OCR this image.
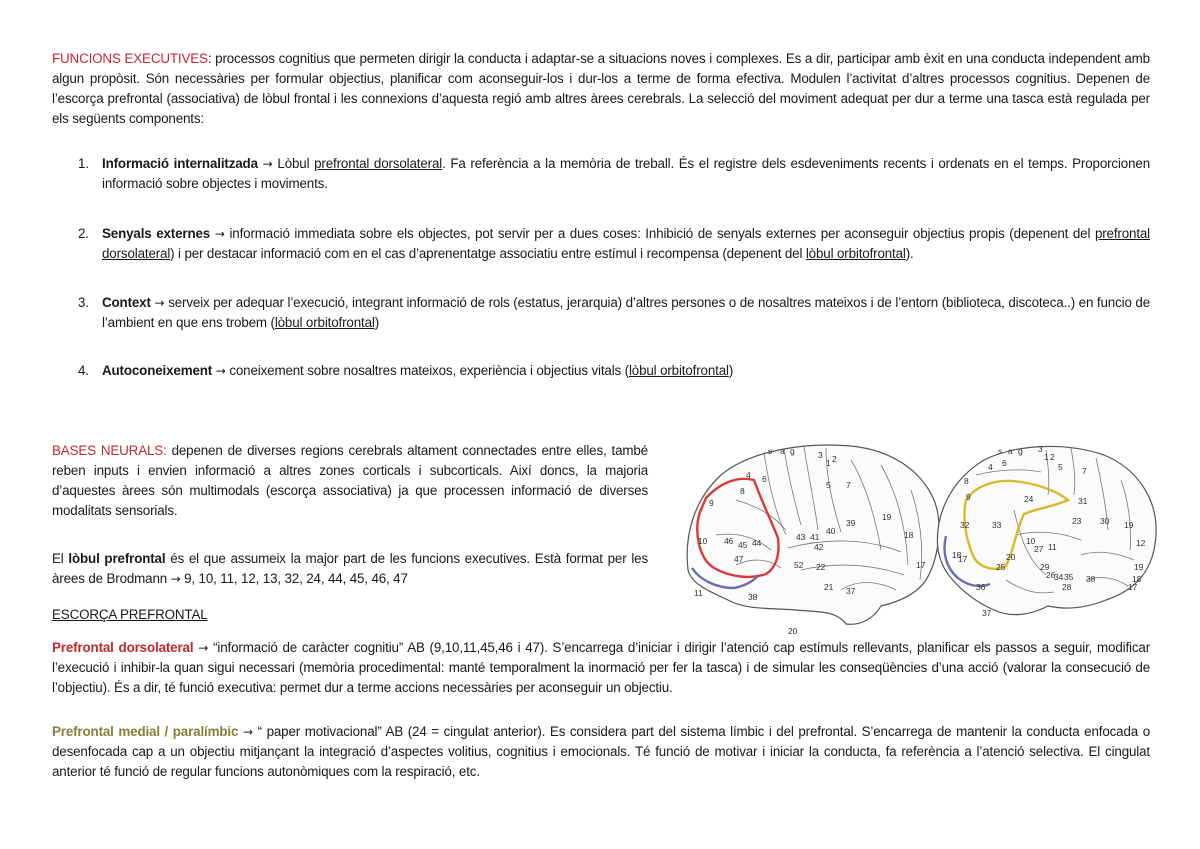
FUNCIONS EXECUTIVES: processos cognitius que permeten dirigir la conducta i adaptar-se a situacions noves i complexes. Es a dir, participar amb èxit en una conducta independent amb algun propòsit. Són necessàries per formular objectius, planificar com aconseguir-los i dur-los a terme de forma efectiva. Modulen l’activitat d’altres processos cognitius. Depenen de l’escorça prefrontal (associativa) de lòbul frontal i les connexions d’aquesta regió amb altres àrees cerebrals. La selecció del moviment adequat per dur a terme una tasca està regulada per els següents components:
1. Informació internalitzada → Lòbul prefrontal dorsolateral. Fa referència a la memòria de treball. És el registre dels esdeveniments recents i ordenats en el temps. Proporcionen informació sobre objectes i moviments.
2. Senyals externes → informació immediata sobre els objectes, pot servir per a dues coses: Inhibició de senyals externes per aconseguir objectius propis (depenent del prefrontal dorsolateral) i per destacar informació com en el cas d’aprenentatge associatiu entre estímul i recompensa (depenent del lòbul orbitofrontal).
3. Context → serveix per adequar l’execució, integrant informació de rols (estatus, jerarquia) d’altres persones o de nosaltres mateixos i de l’entorn (biblioteca, discoteca..) en funcio de l’ambient en que ens trobem (lòbul orbitofrontal)
4. Autoconeixement → coneixement sobre nosaltres mateixos, experiència i objectius vitals (lòbul orbitofrontal)
BASES NEURALS: depenen de diverses regions cerebrals altament connectades entre elles, també reben inputs i envien informació a altres zones corticals i subcorticals. Així doncs, la majoria d’aquestes àrees són multimodals (escorça associativa) ja que processen informació de diverses modalitats sensorials.
El lòbul prefrontal és el que assumeix la major part de les funcions executives. Està format per les àrees de Brodmann → 9, 10, 11, 12, 13, 32, 24, 44, 45, 46, 47
ESCORÇA PREFRONTAL
Prefrontal dorsolateral → “informació de caràcter cognitiu” AB (9,10,11,45,46 i 47). S’encarrega d’iniciar i dirigir l’atenció cap estímuls rellevants, planificar els passos a seguir, modificar l’execució i inhibir-la quan sigui necessari (memòria procedimental: manté temporalment la inormació per fer la tasca) i de simular les conseqüències d’una acció (valorar la consecució de l’objectiu). És a dir, té funció executiva: permet dur a terme accions necessàries per aconseguir un objectiu.
Prefrontal medial / paralímbic → “ paper motivacional” AB (24 = cingulat anterior). Es considera part del sistema límbic i del prefrontal. S’encarrega de mantenir la conducta enfocada o desenfocada cap a un objectiu mitjançant la integració d’aspectes volitius, cognitius i emocionals. Té funció de motivar i iniciar la conducta, fa referència a l’atenció selectiva. El cingulat anterior té funció de regular funcions autonòmiques com la respiració, etc.
s a g
4 6
8
9
3
1 2
5 7
10 46 45 44
47
43 41
40
39
42
22
52
21
19
18
17
11	38
37
20
s a g
4
3
1 2
5
6
8
7
9	24	31
32	33	23 30 19
18
17
10
11
27
29
26
34 35
28
36
38
37
20
25
12
19
18
17
